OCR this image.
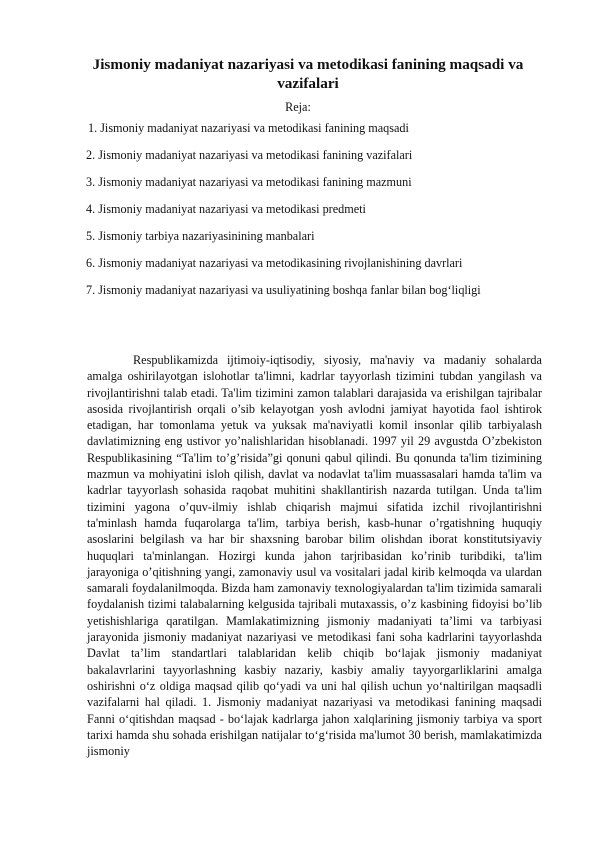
Jismoniy madaniyat nazariyasi va metodikasi fanining maqsadi va vazifalari
Reja:
1. Jismoniy madaniyat nazariyasi va metodikasi fanining maqsadi
2. Jismoniy madaniyat nazariyasi va metodikasi fanining vazifalari
3. Jismoniy madaniyat nazariyasi va metodikasi fanining mazmuni
4. Jismoniy madaniyat nazariyasi va metodikasi predmeti
5. Jismoniy tarbiya nazariyasinining manbalari
6. Jismoniy madaniyat nazariyasi va metodikasining rivojlanishining davrlari
7. Jismoniy madaniyat nazariyasi va usuliyatining boshqa fanlar bilan bog‘liqligi

Respublikamizda ijtimoiy-iqtisodiy, siyosiy, ma'naviy va madaniy sohalarda amalga oshirilayotgan islohotlar ta'limni, kadrlar tayyorlash tizimini tubdan yangilash va rivojlantirishni talab etadi. Ta'lim tizimini zamon talablari darajasida va erishilgan tajribalar asosida rivojlantirish orqali o’sib kelayotgan yosh avlodni jamiyat hayotida faol ishtirok etadigan, har tomonlama yetuk va yuksak ma'naviyatli komil insonlar qilib tarbiyalash davlatimizning eng ustivor yo’nalishlaridan hisoblanadi. 1997 yil 29 avgustda O’zbekiston Respublikasining “Ta'lim to’g’risida”gi qonuni qabul qilindi. Bu qonunda ta'lim tizimining mazmun va mohiyatini isloh qilish, davlat va nodavlat ta'lim muassasalari hamda ta'lim va kadrlar tayyorlash sohasida raqobat muhitini shakllantirish nazarda tutilgan. Unda ta'lim tizimini yagona o’quv-ilmiy ishlab chiqarish majmui sifatida izchil rivojlantirishni ta'minlash hamda fuqarolarga ta'lim, tarbiya berish, kasb-hunar o’rgatishning huquqiy asoslarini belgilash va har bir shaxsning barobar bilim olishdan iborat konstitutsiyaviy huquqlari ta'minlangan. Hozirgi kunda jahon tarjribasidan ko’rinib turibdiki, ta'lim jarayoniga o’qitishning yangi, zamonaviy usul va vositalari jadal kirib kelmoqda va ulardan samarali foydalanilmoqda. Bizda ham zamonaviy texnologiyalardan ta'lim tizimida samarali foydalanish tizimi talabalarning kelgusida tajribali mutaxassis, o’z kasbining fidoyisi bo’lib yetishishlariga qaratilgan. Mamlakatimizning jismoniy madaniyati ta’limi va tarbiyasi jarayonida jismoniy madaniyat nazariyasi ve metodikasi fani soha kadrlarini tayyorlashda Davlat ta’lim standartlari talablaridan kelib chiqib bo‘lajak jismoniy madaniyat bakalavrlarini tayyorlashning kasbiy nazariy, kasbiy amaliy tayyorgarliklarini amalga oshirishni o‘z oldiga maqsad qilib qo‘yadi va uni hal qilish uchun yo‘naltirilgan maqsadli vazifalarni hal qiladi. 1. Jismoniy madaniyat nazariyasi va metodikasi fanining maqsadi Fanni o‘qitishdan maqsad - bo‘lajak kadrlarga jahon xalqlarining jismoniy tarbiya va sport tarixi hamda shu sohada erishilgan natijalar to‘g‘risida ma'lumot 30 berish, mamlakatimizda jismoniy
